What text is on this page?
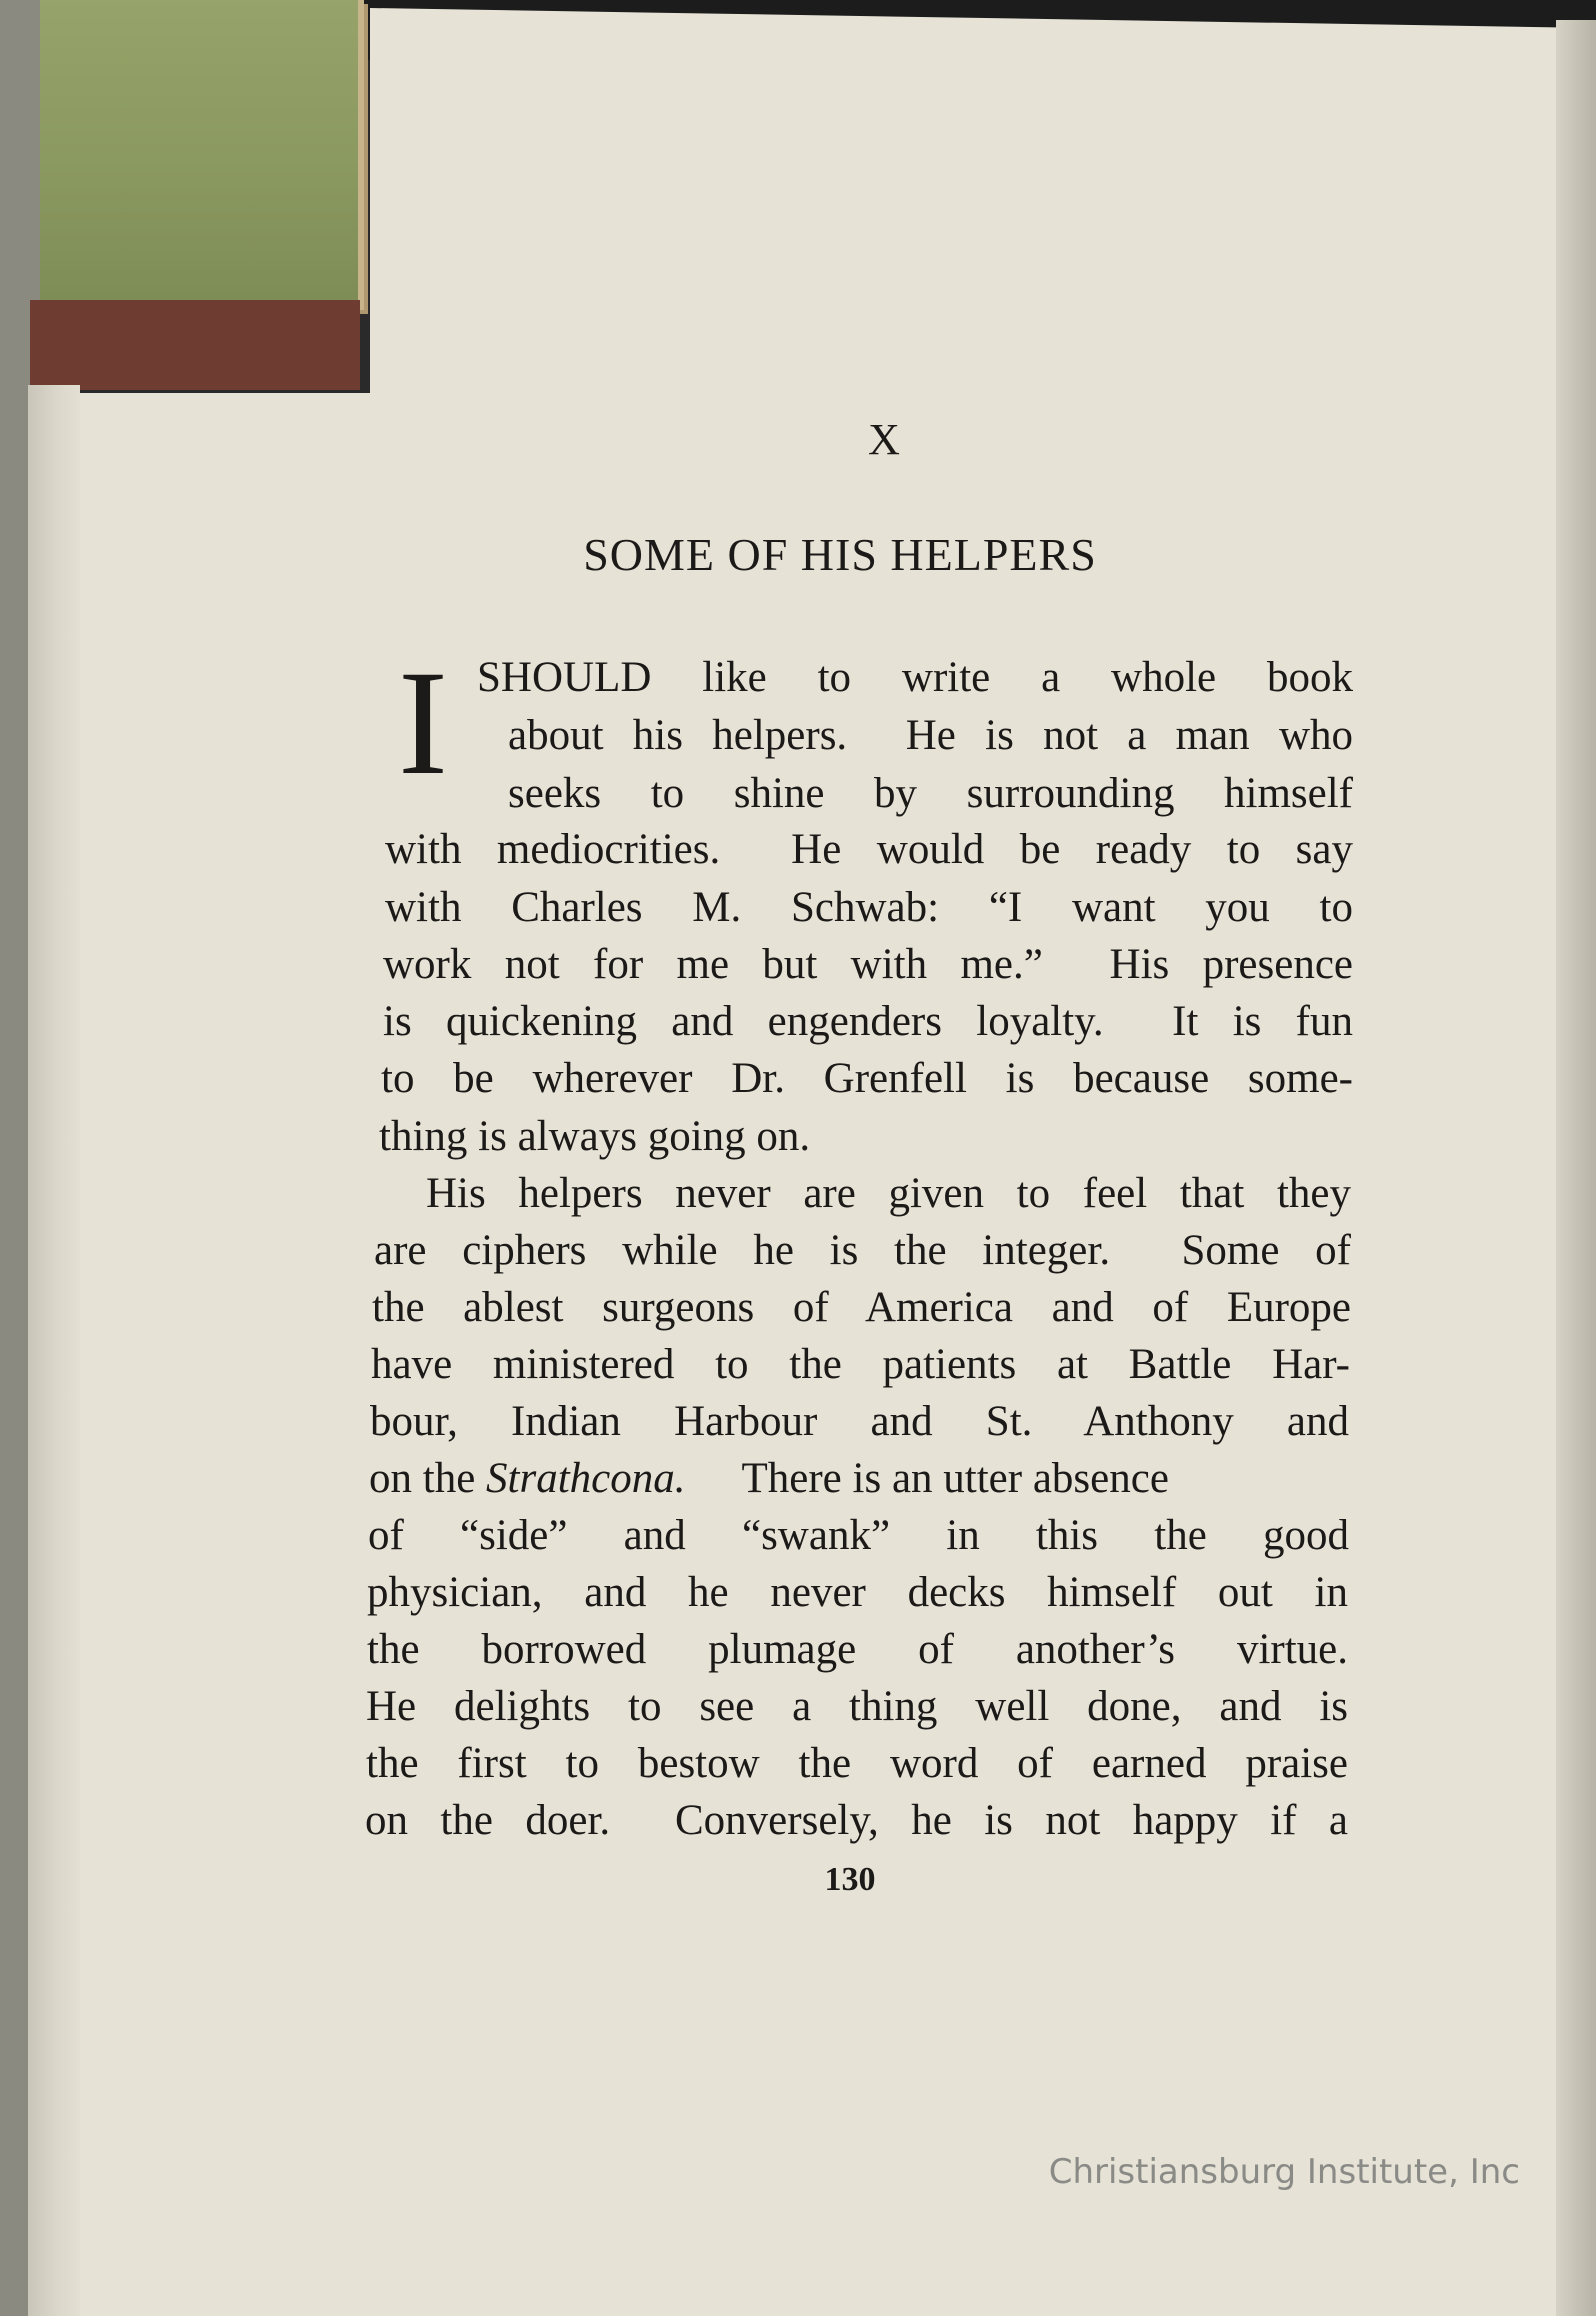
X
SOME OF HIS HELPERS
I SHOULD like to write a whole book
about his helpers.  He is not a man who
seeks to shine by surrounding himself
with mediocrities.  He would be ready to say
with Charles M. Schwab: “I want you to
work not for me but with me.”  His presence
is quickening and engenders loyalty.  It is fun
to be wherever Dr. Grenfell is because some-
thing is always going on.
His helpers never are given to feel that they
are ciphers while he is the integer.  Some of
the ablest surgeons of America and of Europe
have ministered to the patients at Battle Har-
bour, Indian Harbour and St. Anthony and
on the Strathcona. There is an utter absence
of “side” and “swank” in this the good
physician, and he never decks himself out in
the borrowed plumage of another’s virtue.
He delights to see a thing well done, and is
the first to bestow the word of earned praise
on the doer.  Conversely, he is not happy if a
130
Christiansburg Institute, Inc
